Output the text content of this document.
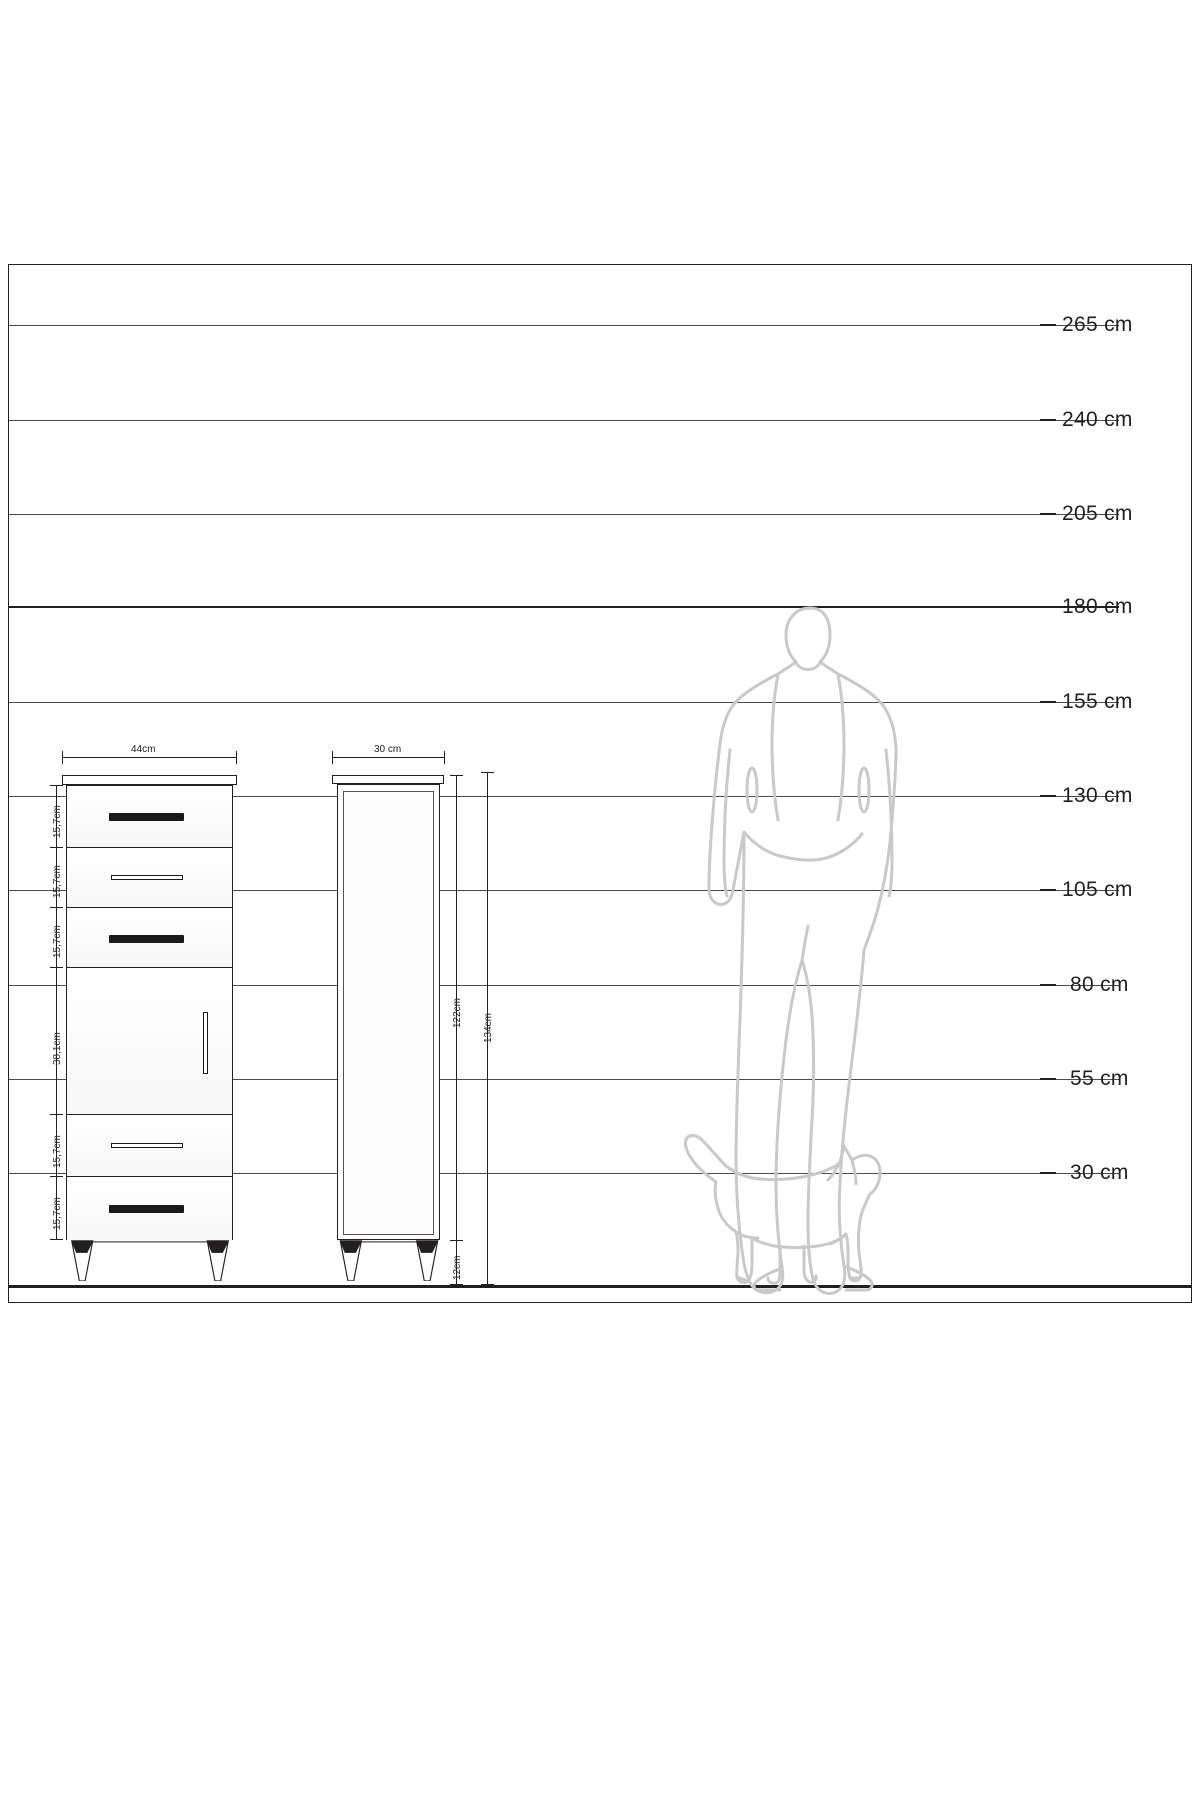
265 cm
240 cm
205 cm
180 cm
155 cm
130 cm
105 cm
80 cm
55 cm
30 cm
44cm	30 cm
15,7cm
15,7cm
15,7cm
38,1cm
15,7cm
15,7cm
122cm
12cm
134cm
